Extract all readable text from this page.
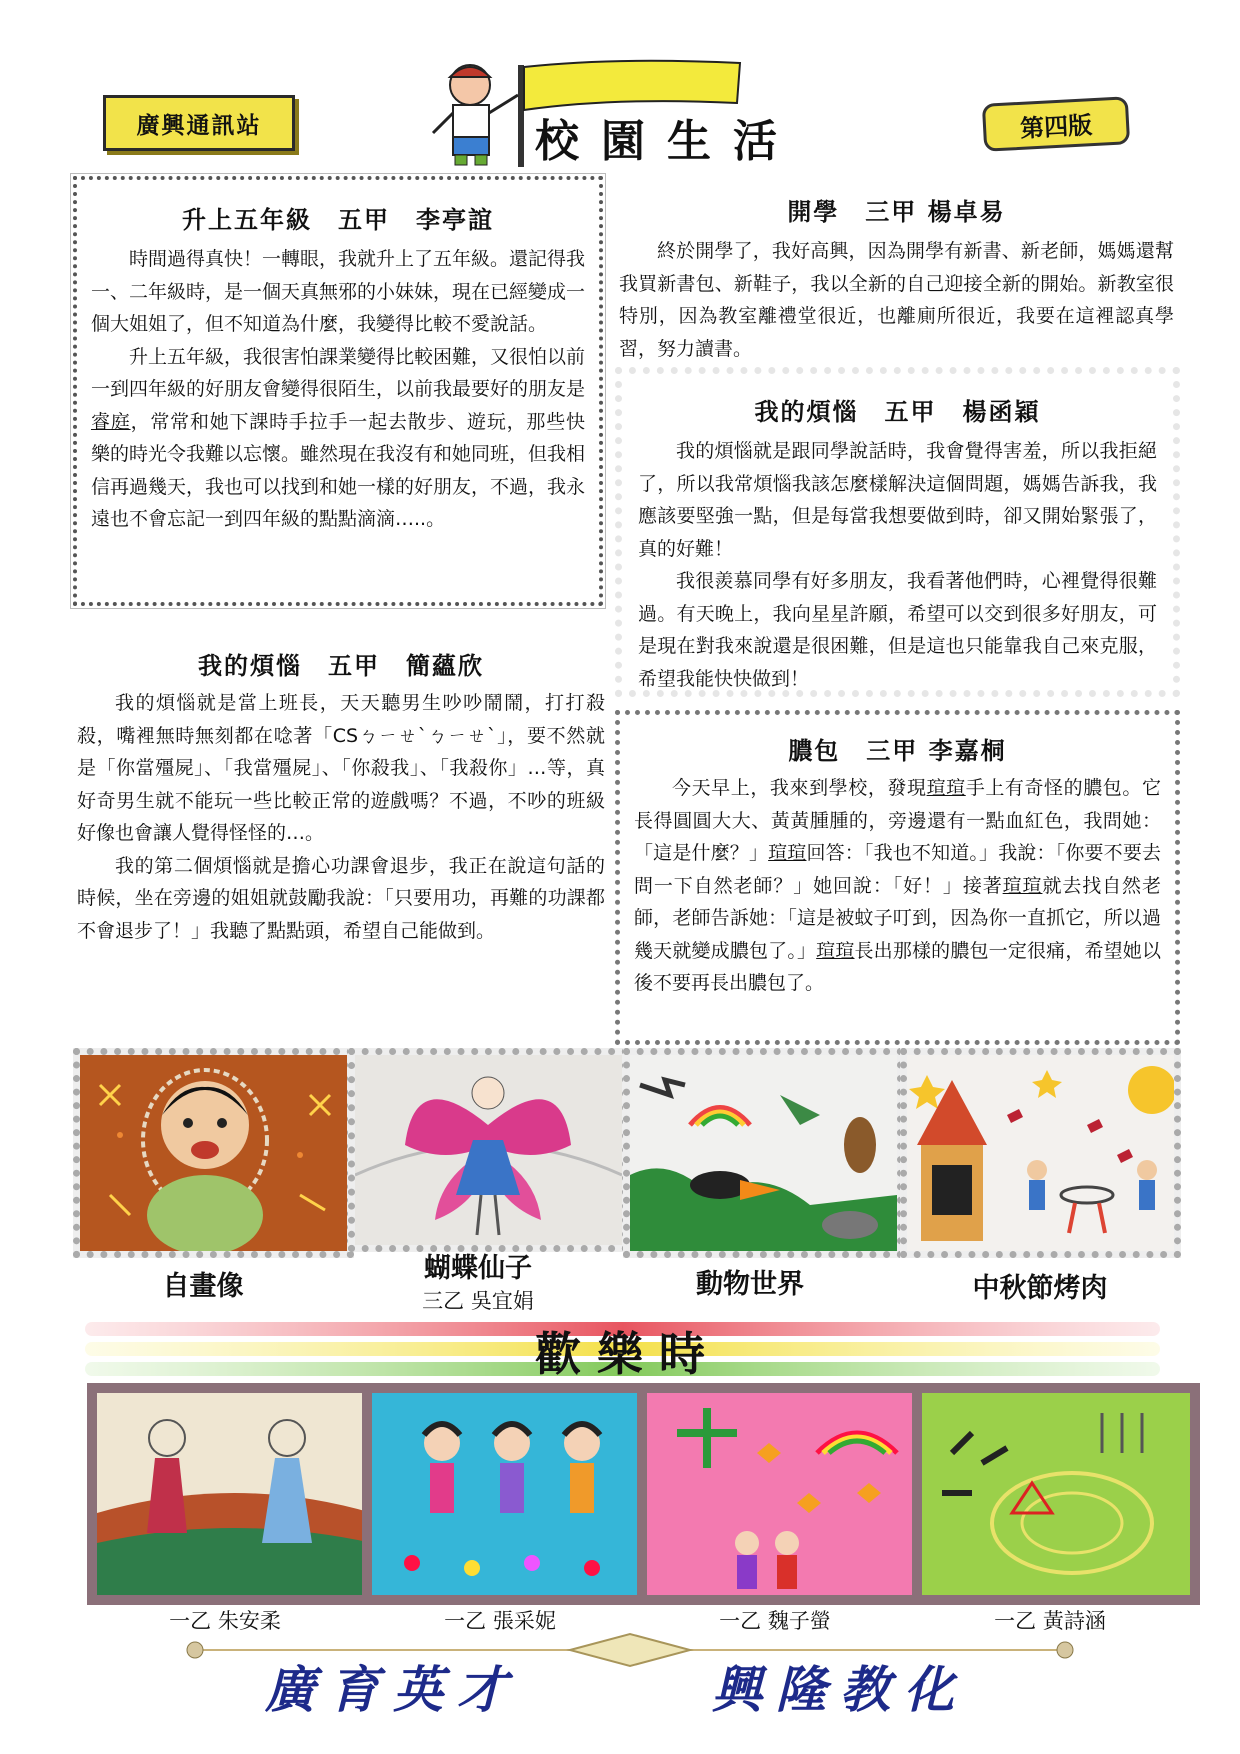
廣興通訊站	校園生活	第四版
升上五年級　五甲　李亭誼

時間過得真快！一轉眼，我就升上了五年級。還記得我一、二年級時，是一個天真無邪的小妹妹，現在已經變成一個大姐姐了，但不知道為什麼，我變得比較不愛說話。

升上五年級，我很害怕課業變得比較困難，又很怕以前一到四年級的好朋友會變得很陌生，以前我最要好的朋友是睿庭，常常和她下課時手拉手一起去散步、遊玩，那些快樂的時光令我難以忘懷。雖然現在我沒有和她同班，但我相信再過幾天，我也可以找到和她一樣的好朋友，不過，我永遠也不會忘記一到四年級的點點滴滴…..。

開學　三甲 楊卓易

終於開學了，我好高興，因為開學有新書、新老師，媽媽還幫我買新書包、新鞋子，我以全新的自己迎接全新的開始。新教室很特別，因為教室離禮堂很近，也離廁所很近，我要在這裡認真學習，努力讀書。

我的煩惱　五甲　楊函穎

我的煩惱就是跟同學說話時，我會覺得害羞，所以我拒絕了，所以我常煩惱我該怎麼樣解決這個問題，媽媽告訴我，我應該要堅強一點，但是每當我想要做到時，卻又開始緊張了，真的好難！

我很羨慕同學有好多朋友，我看著他們時，心裡覺得很難過。有天晚上，我向星星許願，希望可以交到很多好朋友，可是現在對我來說還是很困難，但是這也只能靠我自己來克服，希望我能快快做到！

我的煩惱　五甲　簡蘊欣

我的煩惱就是當上班長，天天聽男生吵吵鬧鬧，打打殺殺，嘴裡無時無刻都在唸著「CSㄅㄧㄝˋㄅㄧㄝˋ」，要不然就是「你當殭屍」、「我當殭屍」、「你殺我」、「我殺你」…等，真好奇男生就不能玩一些比較正常的遊戲嗎？不過，不吵的班級好像也會讓人覺得怪怪的…。

我的第二個煩惱就是擔心功課會退步，我正在說這句話的時候，坐在旁邊的姐姐就鼓勵我說：「只要用功，再難的功課都不會退步了！」我聽了點點頭，希望自己能做到。

膿包　三甲 李嘉桐

今天早上，我來到學校，發現瑄瑄手上有奇怪的膿包。它長得圓圓大大、黃黃腫腫的，旁邊還有一點血紅色，我問她：「這是什麼？」瑄瑄回答：「我也不知道。」我說：「你要不要去問一下自然老師？」她回說：「好！」接著瑄瑄就去找自然老師，老師告訴她：「這是被蚊子叮到，因為你一直抓它，所以過幾天就變成膿包了。」瑄瑄長出那樣的膿包一定很痛，希望她以後不要再長出膿包了。

自畫像
蝴蝶仙子
三乙 吳宜娟
動物世界	中秋節烤肉
歡 樂 時
一乙 朱安柔	一乙 張采妮	一乙 魏子螢	一乙 黃詩涵
廣育英才	興隆教化
